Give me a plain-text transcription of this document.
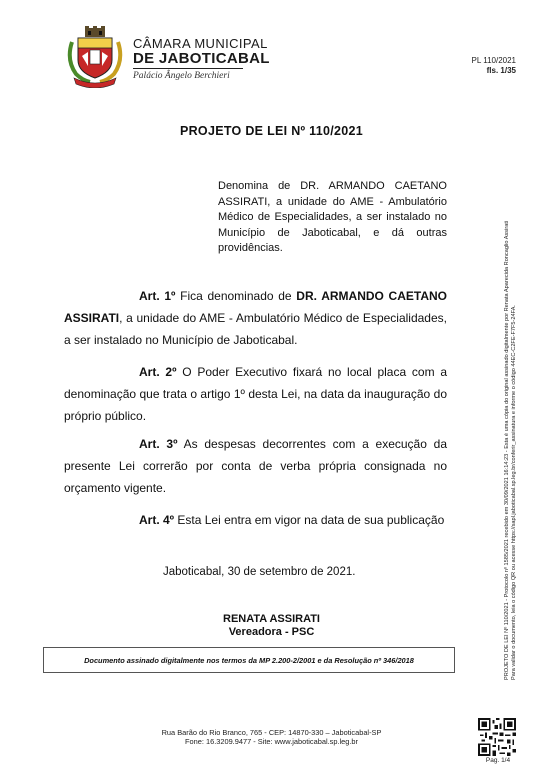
CÂMARA MUNICIPAL
DE JABOTICABAL
Palácio Ângelo Berchieri
PL 110/2021
fls. 1/35
PROJETO DE LEI Nº 110/2021
Denomina de DR. ARMANDO CAETANO ASSIRATI, a unidade do AME - Ambulatório Médico de Especialidades, a ser instalado no Município de Jaboticabal, e dá outras providências.

Art. 1º Fica denominado de DR. ARMANDO CAETANO ASSIRATI, a unidade do AME - Ambulatório Médico de Especialidades, a ser instalado no Município de Jaboticabal.

Art. 2º O Poder Executivo fixará no local placa com a denominação que trata o artigo 1º desta Lei, na data da inauguração do próprio público.

Art. 3º As despesas decorrentes com a execução da presente Lei correrão por conta de verba própria consignada no orçamento vigente.

Art. 4º Esta Lei entra em vigor na data de sua publicação

Jaboticabal, 30 de setembro de 2021.
RENATA ASSIRATI
Vereadora - PSC
Documento assinado digitalmente nos termos da MP 2.200-2/2001 e da Resolução nº 346/2018
Rua Barão do Rio Branco, 765 - CEP: 14870-330 – Jaboticabal-SP
Fone: 16.3209.9477 - Site: www.jaboticabal.sp.leg.br
PROJETO DE LEI Nº 110/2021 - Protocolo nº 1585/2021 recebido em 30/09/2021 16:14:23 - Esta é uma cópia do original assinado digitalmente por Renata Aparecida Roncaglio Assirati Para validar o documento, leia o código QR ou acesse https://sapl.jaboticabal.sp.leg.br/conferir_assinatura e informe o código 44EC-C2FE-F7F5-24FA.
Pag. 1/4
